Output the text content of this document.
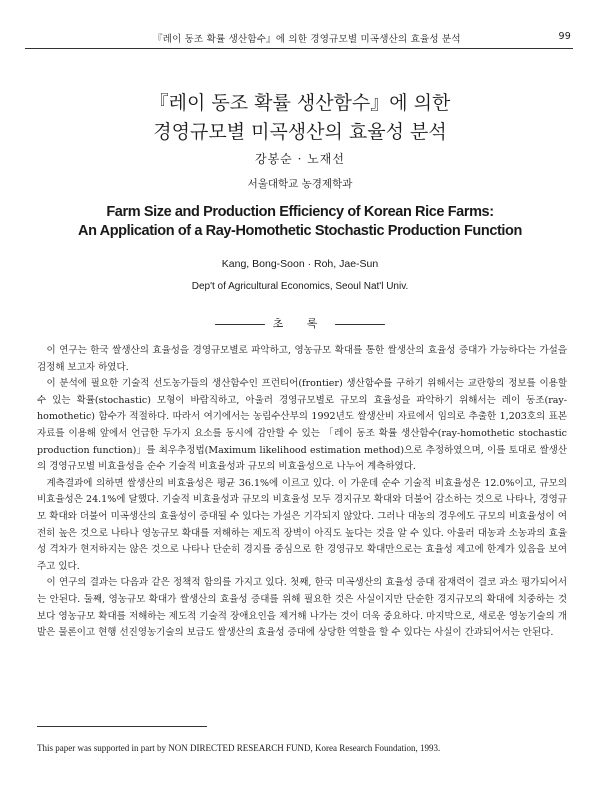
『레이 동조 확률 생산함수』에 의한 경영규모별 미곡생산의 효율성 분석	99
『레이 동조 확률 생산함수』에 의한
경영규모별 미곡생산의 효율성 분석
강봉순 · 노재선
서울대학교 농경제학과
Farm Size and Production Efficiency of Korean Rice Farms:
An Application of a Ray-Homothetic Stochastic Production Function
Kang, Bong-Soon · Roh, Jae-Sun
Dep't of Agricultural Economics, Seoul Nat'l Univ.
초 록

이 연구는 한국 쌀생산의 효율성을 경영규모별로 파악하고, 영농규모 확대를 통한 쌀생산의 효율성 증대가 가능하다는 가설을 검정해 보고자 하였다.

이 분석에 필요한 기술적 선도농가들의 생산함수인 프런티어(frontier) 생산함수를 구하기 위해서는 교란항의 정보를 이용할 수 있는 확률(stochastic) 모형이 바람직하고, 아울러 경영규모별로 규모의 효율성을 파악하기 위해서는 레이 동조(ray-homothetic) 함수가 적절하다. 따라서 여기에서는 농림수산부의 1992년도 쌀생산비 자료에서 임의로 추출한 1,203호의 표본 자료를 이용해 앞에서 언급한 두가지 요소를 동시에 감안할 수 있는 「레이 동조 확률 생산함수(ray-homothetic stochastic production function)」를 최우추정법(Maximum likelihood estimation method)으로 추정하였으며, 이를 토대로 쌀생산의 경영규모별 비효율성을 순수 기술적 비효율성과 규모의 비효율성으로 나누어 계측하였다.

계측결과에 의하면 쌀생산의 비효율성은 평균 36.1%에 이르고 있다. 이 가운데 순수 기술적 비효율성은 12.0%이고, 규모의 비효율성은 24.1%에 달했다. 기술적 비효율성과 규모의 비효율성 모두 경지규모 확대와 더불어 감소하는 것으로 나타나, 경영규모 확대와 더불어 미곡생산의 효율성이 증대될 수 있다는 가설은 기각되지 않았다. 그러나 대농의 경우에도 규모의 비효율성이 여전히 높은 것으로 나타나 영농규모 확대를 저해하는 제도적 장벽이 아직도 높다는 것을 알 수 있다. 아울러 대농과 소농과의 효율성 격차가 현저하지는 않은 것으로 나타나 단순히 경지를 중심으로 한 경영규모 확대만으로는 효율성 제고에 한계가 있음을 보여주고 있다.

이 연구의 결과는 다음과 같은 정책적 함의를 가지고 있다. 첫째, 한국 미곡생산의 효율성 증대 잠재력이 결코 과소 평가되어서는 안된다. 둘째, 영농규모 확대가 쌀생산의 효율성 증대를 위해 필요한 것은 사실이지만 단순한 경지규모의 확대에 치중하는 것보다 영농규모 확대를 저해하는 제도적 기술적 장애요인을 제거해 나가는 것이 더욱 중요하다. 마지막으로, 새로운 영농기술의 개발은 물론이고 현행 선진영농기술의 보급도 쌀생산의 효율성 증대에 상당한 역할을 할 수 있다는 사실이 간과되어서는 안된다.

This paper was supported in part by NON DIRECTED RESEARCH FUND, Korea Research Foundation, 1993.
